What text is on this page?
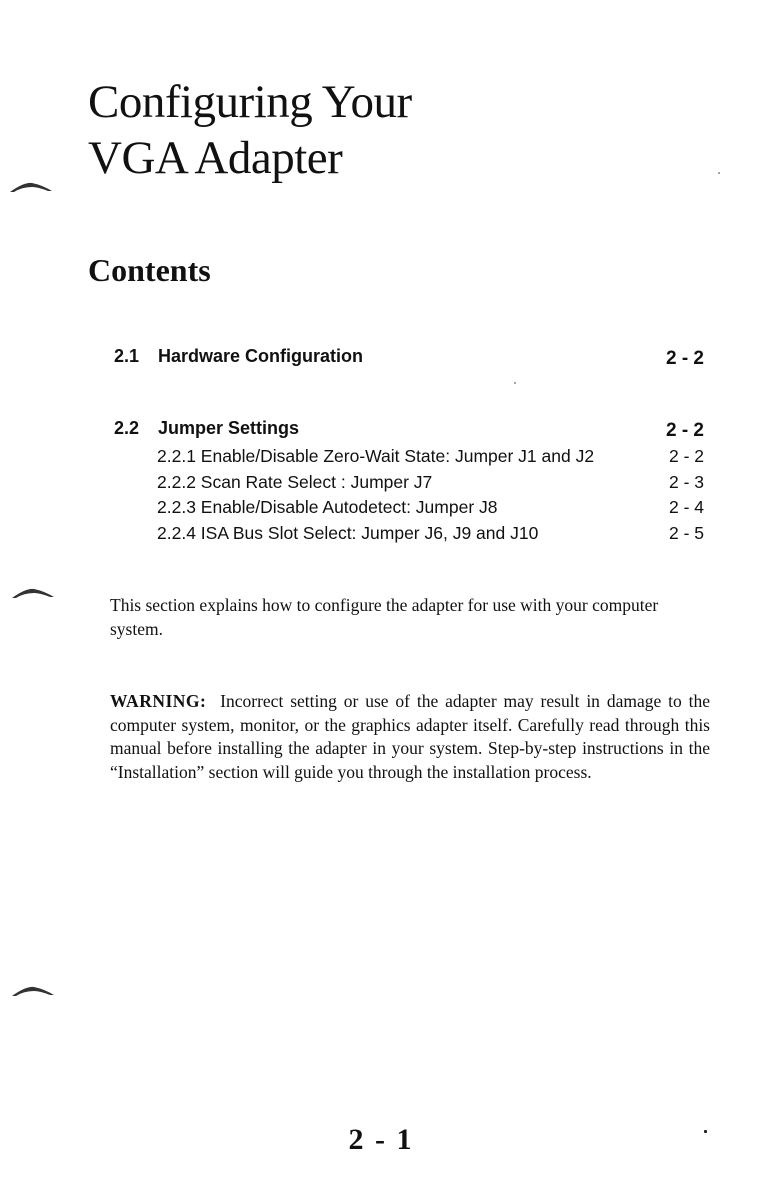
Configuring Your
VGA Adapter
Contents
2.1 Hardware Configuration	2 - 2
2.2 Jumper Settings	2 - 2
2.2.1 Enable/Disable Zero-Wait State: Jumper J1 and J2	2 - 2
2.2.2 Scan Rate Select : Jumper J7	2 - 3
2.2.3 Enable/Disable Autodetect: Jumper J8	2 - 4
2.2.4 ISA Bus Slot Select: Jumper J6, J9 and J10	2 - 5

This section explains how to configure the adapter for use with your computer system.

WARNING: Incorrect setting or use of the adapter may result in damage to the computer system, monitor, or the graphics adapter itself. Carefully read through this manual before installing the adapter in your system. Step-by-step instructions in the “Installation” section will guide you through the installation process.

2 - 1
